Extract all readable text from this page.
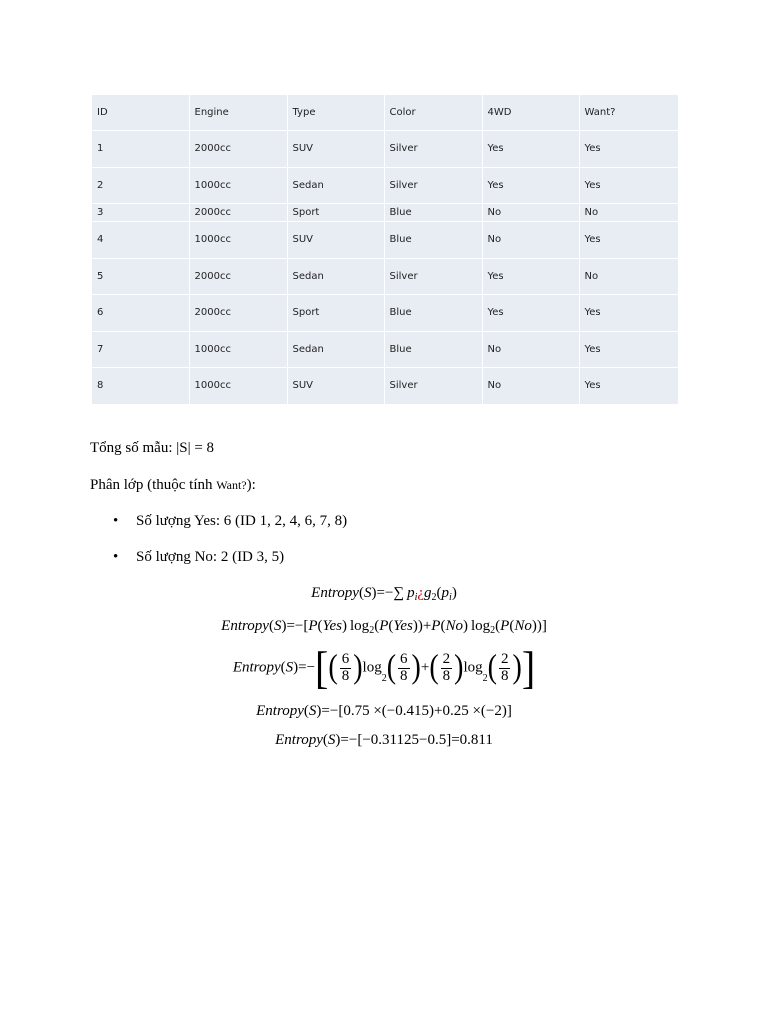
ID	Engine	Type	Color	4WD	Want?
1	2000cc	SUV	Silver	Yes	Yes
2	1000cc	Sedan	Silver	Yes	Yes
3	2000cc	Sport	Blue	No	No
4	1000cc	SUV	Blue	No	Yes
5	2000cc	Sedan	Silver	Yes	No
6	2000cc	Sport	Blue	Yes	Yes
7	1000cc	Sedan	Blue	No	Yes
8	1000cc	SUV	Silver	No	Yes
Tổng số mẫu: |S| = 8
Phân lớp (thuộc tính Want?):
• Số lượng Yes: 6 (ID 1, 2, 4, 6, 7, 8)
• Số lượng No: 2 (ID 3, 5)
Entropy(S)=−∑  $p_i¿g_2(p_i)$
Entropy(S)=−[P(Yes) $\log_2(P(Yes))+P(No)$ $\log_2(P(No))$]
Entropy(S)=−[( $\frac{6}{8} )\log_2( \frac{6}{8}$ )+( $\frac{2}{8} )\log_2( \frac{2}{8}$ )]
Entropy(S)=−[0.75 ×(−0.415)+0.25 ×(−2)]
Entropy(S)=−[−0.31125−0.5]=0.811
